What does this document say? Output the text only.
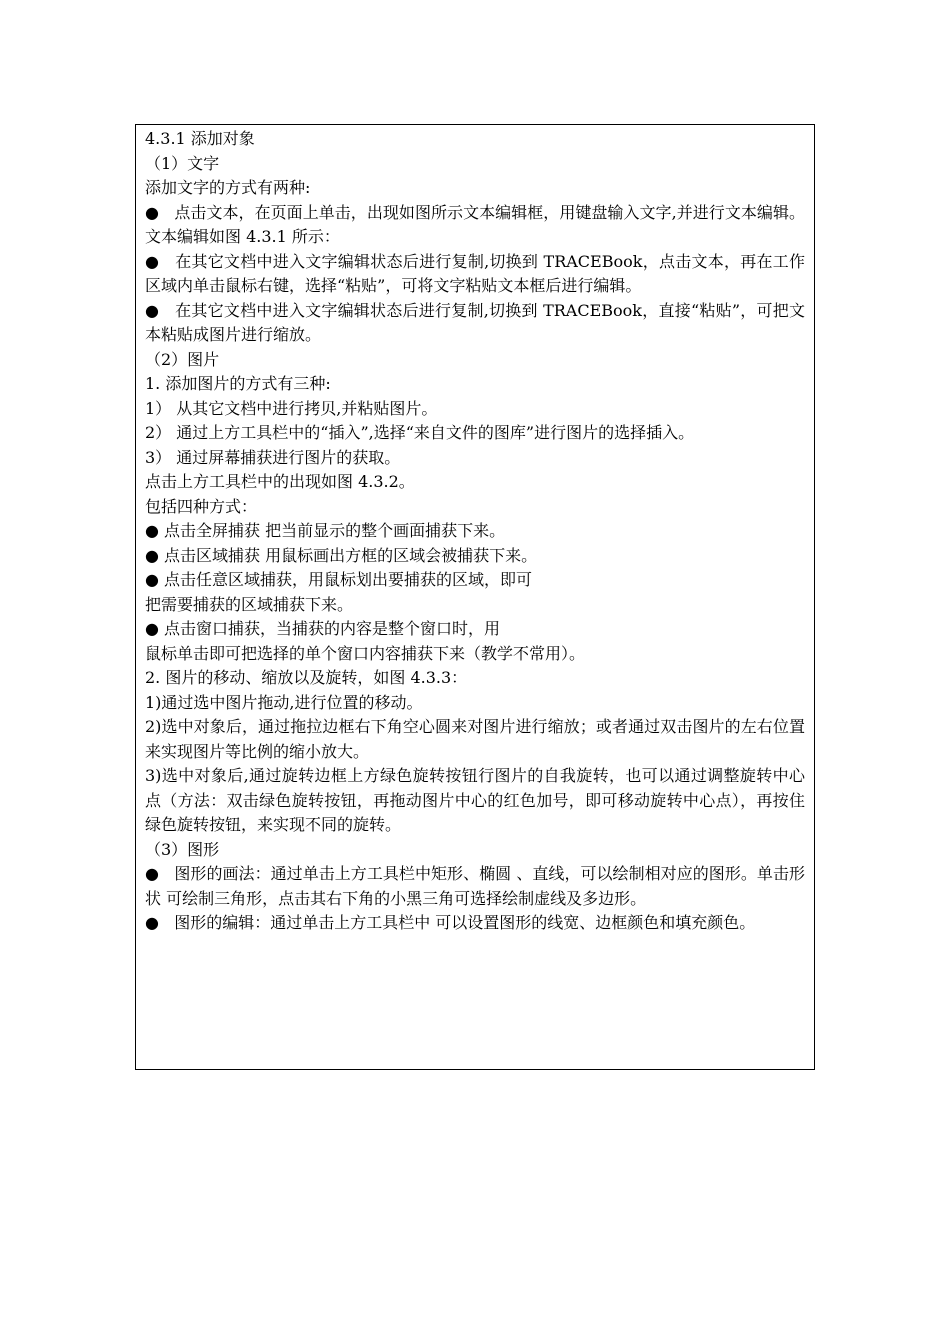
4.3.1 添加对象
（1）文字
添加文字的方式有两种:
●   点击文本，在页面上单击，出现如图所示文本编辑框，用键盘输入文字,并进行文本编辑。文本编辑如图 4.3.1 所示：
●   在其它文档中进入文字编辑状态后进行复制,切换到 TRACEBook，点击文本，再在工作区域内单击鼠标右键，选择“粘贴”，可将文字粘贴文本框后进行编辑。
●   在其它文档中进入文字编辑状态后进行复制,切换到 TRACEBook，直接“粘贴”，可把文本粘贴成图片进行缩放。
（2）图片
1. 添加图片的方式有三种:
1） 从其它文档中进行拷贝,并粘贴图片。
2） 通过上方工具栏中的“插入”,选择“来自文件的图库”进行图片的选择插入。
3） 通过屏幕捕获进行图片的获取。
点击上方工具栏中的出现如图 4.3.2。
包括四种方式：
● 点击全屏捕获 把当前显示的整个画面捕获下来。
● 点击区域捕获 用鼠标画出方框的区域会被捕获下来。
● 点击任意区域捕获，用鼠标划出要捕获的区域，即可
把需要捕获的区域捕获下来。
● 点击窗口捕获，当捕获的内容是整个窗口时，用
鼠标单击即可把选择的单个窗口内容捕获下来（教学不常用）。
2. 图片的移动、缩放以及旋转，如图 4.3.3：
1)通过选中图片拖动,进行位置的移动。
2)选中对象后，通过拖拉边框右下角空心圆来对图片进行缩放；或者通过双击图片的左右位置来实现图片等比例的缩小放大。
3)选中对象后,通过旋转边框上方绿色旋转按钮行图片的自我旋转，也可以通过调整旋转中心点（方法：双击绿色旋转按钮，再拖动图片中心的红色加号，即可移动旋转中心点），再按住绿色旋转按钮，来实现不同的旋转。
（3）图形
●   图形的画法：通过单击上方工具栏中矩形、椭圆 、直线，可以绘制相对应的图形。单击形状 可绘制三角形，点击其右下角的小黑三角可选择绘制虚线及多边形。
●   图形的编辑：通过单击上方工具栏中 可以设置图形的线宽、边框颜色和填充颜色。
